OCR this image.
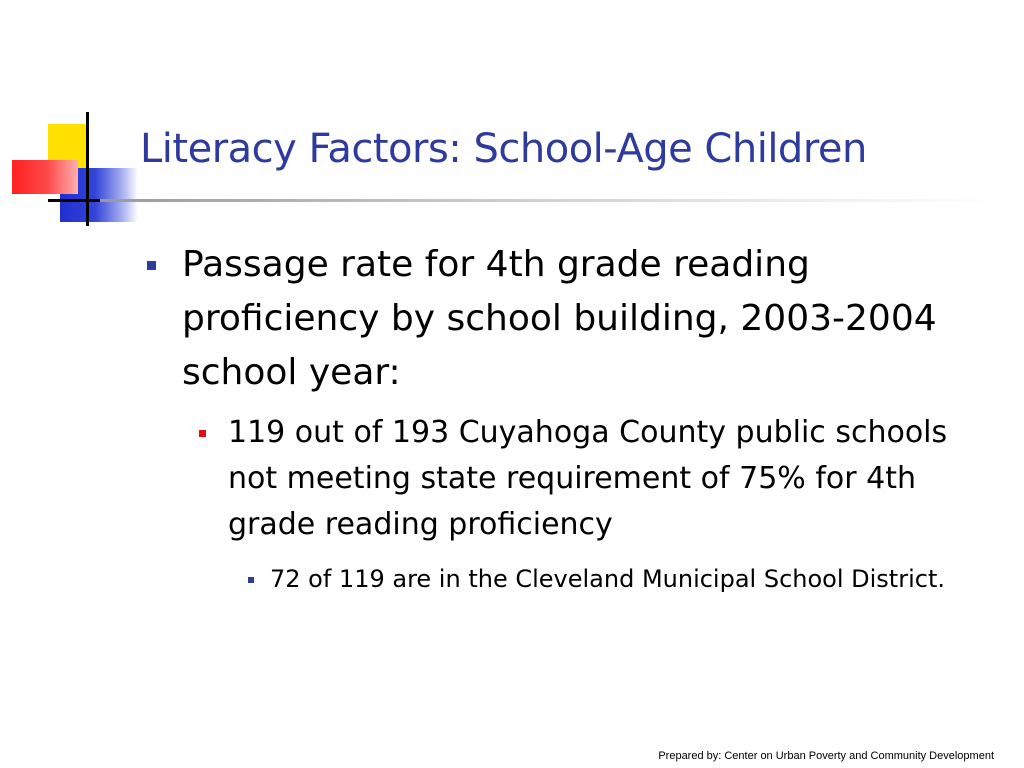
Literacy Factors: School-Age Children
Passage rate for 4th grade reading proficiency by school building, 2003-2004 school year:
119 out of 193 Cuyahoga County public schools not meeting state requirement of 75% for 4th grade reading proficiency
72 of 119 are in the Cleveland Municipal School District.
Prepared by: Center on Urban Poverty and Community Development
